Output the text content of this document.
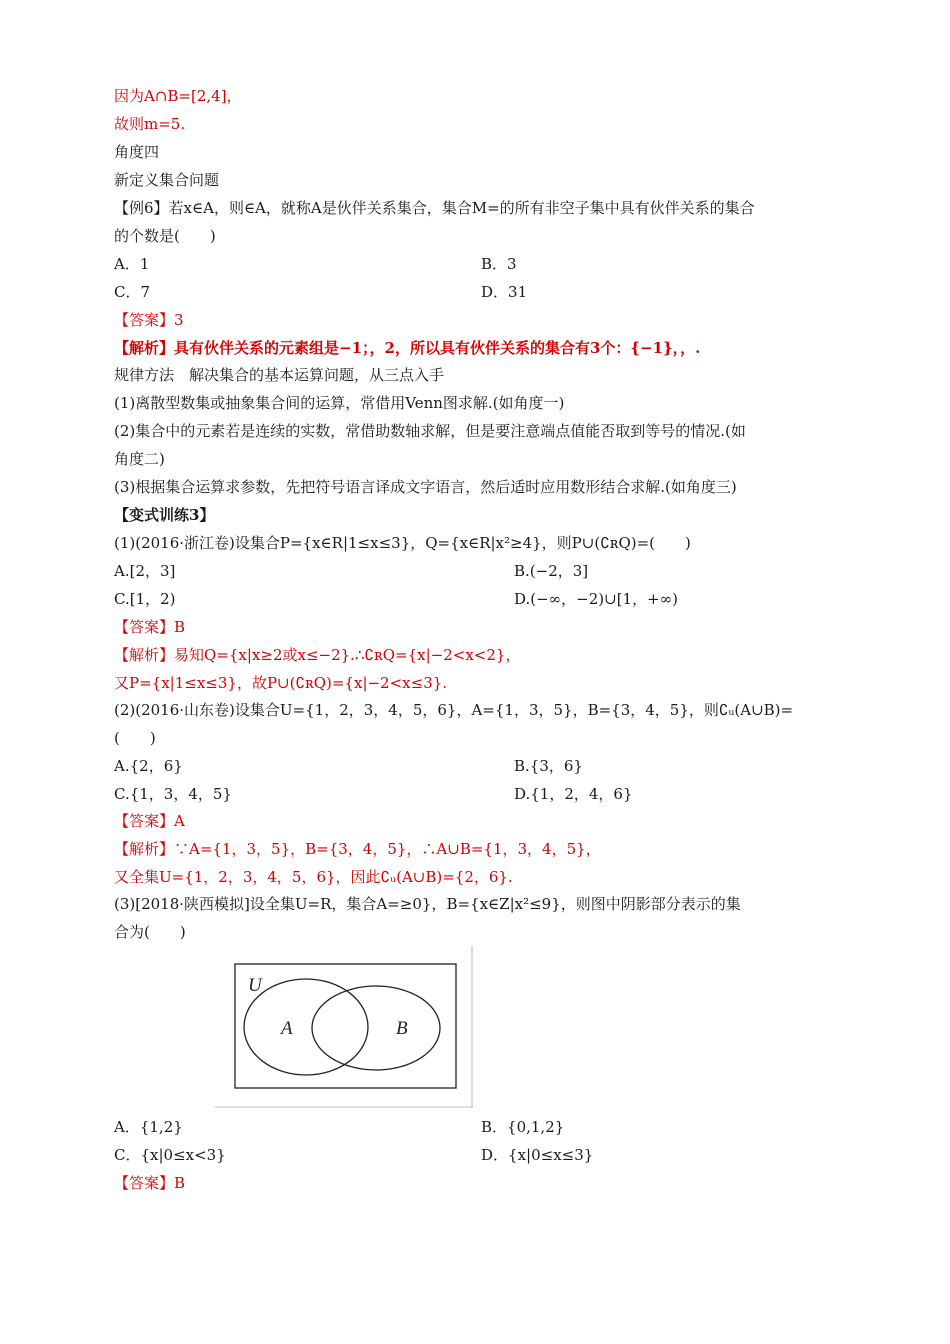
因为A∩B=[2,4]，
故则m=5.
角度四
新定义集合问题
【例6】若x∈A，则∈A，就称A是伙伴关系集合，集合M=的所有非空子集中具有伙伴关系的集合
的个数是(　　)
A．1	B．3
C．7	D．31
【答案】3
【解析】具有伙伴关系的元素组是−1；，2，所以具有伙伴关系的集合有3个：{−1}，，.
规律方法　解决集合的基本运算问题，从三点入手
(1)离散型数集或抽象集合间的运算，常借用Venn图求解.(如角度一)
(2)集合中的元素若是连续的实数，常借助数轴求解，但是要注意端点值能否取到等号的情况.(如
角度二)
(3)根据集合运算求参数，先把符号语言译成文字语言，然后适时应用数形结合求解.(如角度三)
【变式训练3】
(1)(2016·浙江卷)设集合P={x∈R|1≤x≤3}，Q={x∈R|x²≥4}，则P∪(∁ʀQ)=(　　)
A.[2，3]	B.(−2，3]
C.[1，2)	D.(−∞，−2)∪[1，+∞)
【答案】B
【解析】易知Q={x|x≥2或x≤−2}.∴∁ʀQ={x|−2<x<2}，
又P={x|1≤x≤3}，故P∪(∁ʀQ)={x|−2<x≤3}.
(2)(2016·山东卷)设集合U={1，2，3，4，5，6}，A={1，3，5}，B={3，4，5}，则∁ᵤ(A∪B)=
(　　)
A.{2，6}	B.{3，6}
C.{1，3，4，5}	D.{1，2，4，6}
【答案】A
【解析】∵A={1，3，5}，B={3，4，5}，∴A∪B={1，3，4，5}，
又全集U={1，2，3，4，5，6}，因此∁ᵤ(A∪B)={2，6}.
(3)[2018·陕西模拟]设全集U=R，集合A=≥0}，B={x∈Z|x²≤9}，则图中阴影部分表示的集
合为(　　)
U
A	B
A．{1,2}	B．{0,1,2}
C．{x|0≤x<3}	D．{x|0≤x≤3}
【答案】B
